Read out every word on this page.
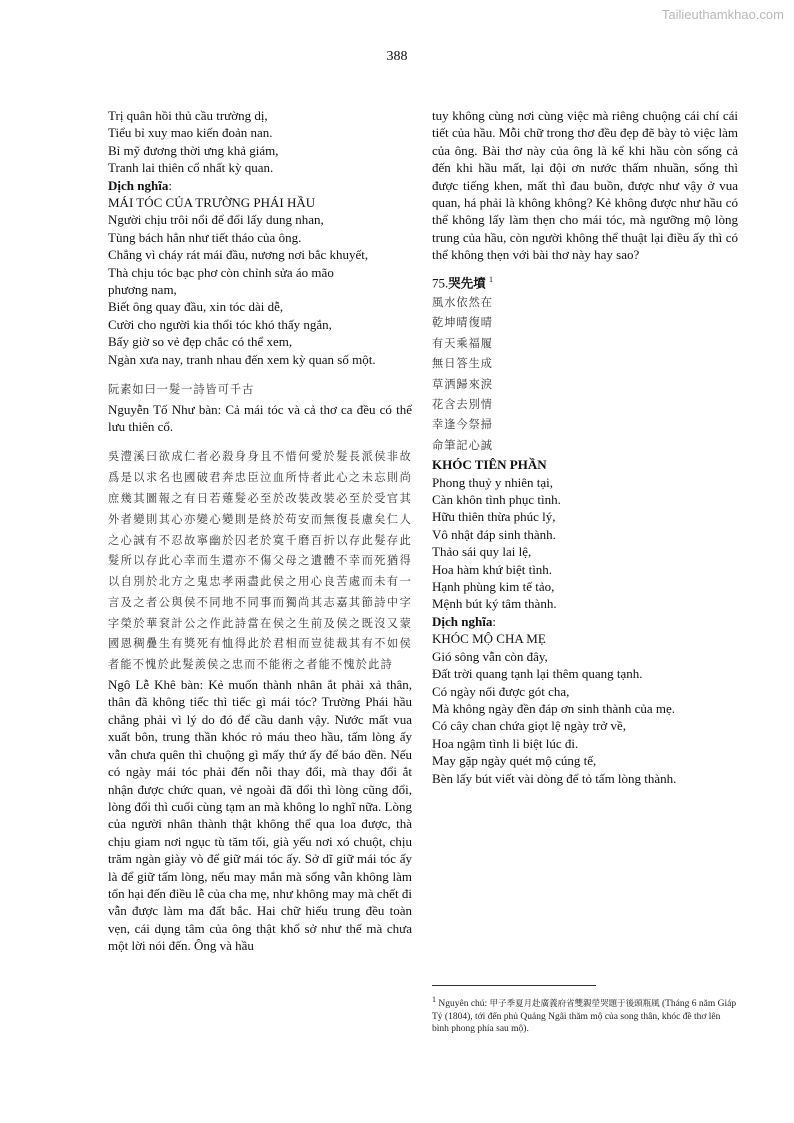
Tailieuthamkhao.com
388
Trị quân hồi thủ cầu trường dị,
Tiểu bỉ xuy mao kiến đoản nan.
Bỉ mỹ đương thời ưng khả giám,
Tranh lai thiên cổ nhất kỳ quan.
Dịch nghĩa:
MÁI TÓC CỦA TRƯỜNG PHÁI HẦU
Người chịu trôi nổi để đổi lấy dung nhan,
Tùng bách hẳn như tiết tháo của ông.
Chẳng vì cháy rát mái đầu, nương nơi bắc khuyết,
Thà chịu tóc bạc phơ còn chỉnh sửa áo mão
phương nam,
Biết ông quay đầu, xin tóc dài dễ,
Cười cho người kia thổi tóc khó thấy ngắn,
Bấy giờ so vẻ đẹp chắc có thể xem,
Ngàn xưa nay, tranh nhau đến xem kỳ quan số một.
阮素如曰一髮一詩皆可千古
Nguyễn Tố Như bàn: Cả mái tóc và cả thơ ca đều có thể lưu thiên cổ.
吳澧溪曰欲成仁者必殺身身且不惜何愛於髮長派侯非故爲是以求名也國破君奔忠臣泣血所恃者此心之未忘則尚庶幾其圖報之有日若薙髮必至於改裝改裝必至於受官其外者變則其心亦變心變則是終於苟安而無復長慮矣仁人之心誠有不忍故寧幽於囚老於寞千磨百折以存此髮存此髮所以存此心幸而生還亦不傷父母之遺體不幸而死猶得以自別於北方之鬼忠孝兩盡此侯之用心良苦處而未有一言及之者公與侯不同地不同事而獨尚其志嘉其節詩中字字榮於華袞計公之作此詩當在侯之生前及侯之既沒又蒙國恩稠疊生有獎死有恤得此於君相而豈徒裁其有不如侯者能不愧於此髮羨侯之忠而不能術之者能不愧於此詩
Ngô Lễ Khê bàn: Kẻ muốn thành nhân ắt phải xả thân, thân đã không tiếc thì tiếc gì mái tóc? Trường Phái hầu chẳng phải vì lý do đó để cầu danh vậy. Nước mất vua xuất bôn, trung thần khóc rỏ máu theo hầu, tấm lòng ấy vẫn chưa quên thì chuộng gì mấy thứ ấy để báo đền. Nếu có ngày mái tóc phải đến nỗi thay đổi, mà thay đổi ắt nhận được chức quan, vẻ ngoài đã đổi thì lòng cũng đổi, lòng đổi thì cuối cùng tạm an mà không lo nghĩ nữa. Lòng của người nhân thành thật không thể qua loa được, thà chịu giam nơi ngục tù tăm tối, già yếu nơi xó chuột, chịu trăm ngàn giày vò để giữ mái tóc ấy. Sở dĩ giữ mái tóc ấy là để giữ tấm lòng, nếu may mắn mà sống vẫn không làm tổn hại đến điều lễ của cha mẹ, như không may mà chết đi vẫn được làm ma đất bắc. Hai chữ hiếu trung đều toàn vẹn, cái dụng tâm của ông thật khổ sở như thế mà chưa một lời nói đến. Ông và hầu
tuy không cùng nơi cùng việc mà riêng chuộng cái chí cái tiết của hầu. Mỗi chữ trong thơ đều đẹp đẽ bày tỏ việc làm của ông. Bài thơ này của ông là kể khi hầu còn sống cả đến khi hầu mất, lại đội ơn nước thấm nhuần, sống thì được tiếng khen, mất thì đau buồn, được như vậy ở vua quan, há phải là không không? Kẻ không được như hầu có thể không lấy làm thẹn cho mái tóc, mà ngưỡng mộ lòng trung của hầu, còn người không thể thuật lại điều ấy thì có thể không thẹn với bài thơ này hay sao?
75.哭先墳 $^1$
風水依然在
乾坤晴復晴
有天乘福履
無日答生成
草洒歸來淚
花含去別情
幸逢今祭掃
命筆記心誠
KHÓC TIÊN PHẦN
Phong thuỷ y nhiên tại,
Càn khôn tình phục tình.
Hữu thiên thừa phúc lý,
Vô nhật đáp sinh thành.
Thảo sái quy lai lệ,
Hoa hàm khứ biệt tình.
Hạnh phùng kim tế tảo,
Mệnh bút ký tâm thành.
Dịch nghĩa:
KHÓC MỘ CHA MẸ
Gió sông vẫn còn đây,
Đất trời quang tạnh lại thêm quang tạnh.
Có ngày nối được gót cha,
Mà không ngày đền đáp ơn sinh thành của mẹ.
Có cây chan chứa giọt lệ ngày trở về,
Hoa ngậm tình li biệt lúc đi.
May gặp ngày quét mộ cúng tế,
Bèn lấy bút viết vài dòng để tỏ tấm lòng thành.
$^1$ Nguyên chú: 甲子季夏月赴廣義府省雙親塋哭題于後頭瓶風 (Tháng 6 năm Giáp Tý (1804), tới đến phủ Quảng Ngãi thăm mộ của song thân, khóc đề thơ lên bình phong phía sau mộ).
